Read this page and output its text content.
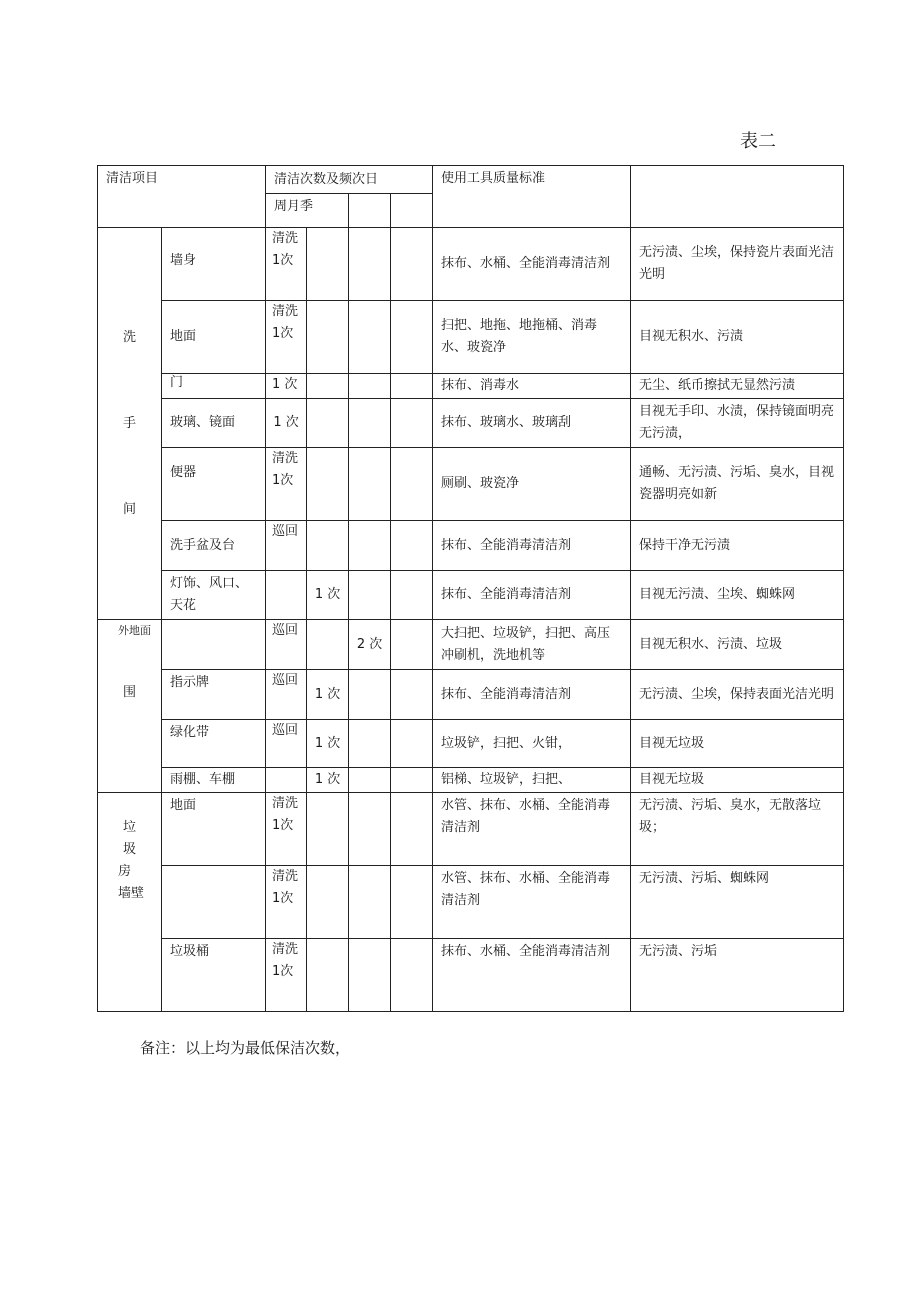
表二
清洁项目		清洁次数及频次日				使用工具质量标准	
		周月季					

洗
手
间	墙身	清洗 1次				抹布、水桶、全能消毒清洁剂	无污渍、尘埃，保持瓷片表面光洁光明
	地面	清洗 1次				扫把、地拖、地拖桶、消毒水、玻瓷净	目视无积水、污渍
	门	1 次				抹布、消毒水	无尘、纸币擦拭无显然污渍
	玻璃、镜面	1 次				抹布、玻璃水、玻璃刮	目视无手印、水渍，保持镜面明亮无污渍，
	便器	清洗 1次				厕刷、玻瓷净	通畅、无污渍、污垢、臭水，目视瓷器明亮如新
	洗手盆及台	巡回				抹布、全能消毒清洁剂	保持干净无污渍
	灯饰、风口、天花		1 次			抹布、全能消毒清洁剂	目视无污渍、尘埃、蜘蛛网

外地面
围		巡回		2 次		大扫把、垃圾铲，扫把、高压冲刷机，洗地机等	目视无积水、污渍、垃圾
	指示牌	巡回	1 次			抹布、全能消毒清洁剂	无污渍、尘埃，保持表面光洁光明
	绿化带	巡回	1 次			垃圾铲，扫把、火钳，	目视无垃圾
	雨棚、车棚		1 次			铝梯、垃圾铲，扫把、	目视无垃圾

垃
圾
房
墙壁	地面	清洗 1次				水管、抹布、水桶、全能消毒清洁剂	无污渍、污垢、臭水，无散落垃圾；
		清洗 1次				水管、抹布、水桶、全能消毒清洁剂	无污渍、污垢、蜘蛛网
	垃圾桶	清洗 1次				抹布、水桶、全能消毒清洁剂	无污渍、污垢
备注：以上均为最低保洁次数，
